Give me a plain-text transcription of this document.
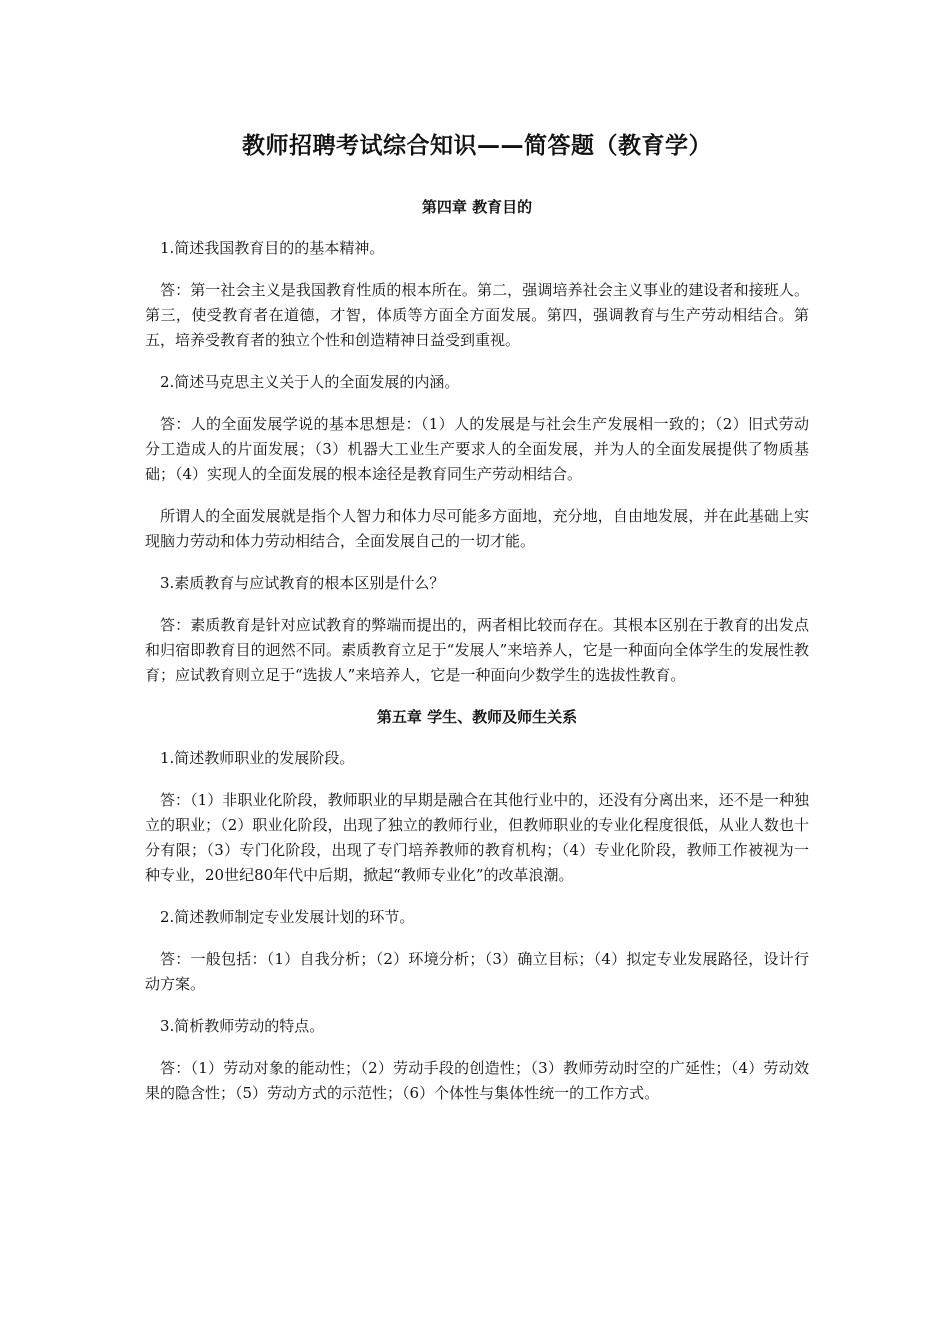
教师招聘考试综合知识——简答题（教育学）
第四章 教育目的

1.简述我国教育目的的基本精神。

答：第一社会主义是我国教育性质的根本所在。第二，强调培养社会主义事业的建设者和接班人。第三，使受教育者在道德，才智，体质等方面全方面发展。第四，强调教育与生产劳动相结合。第五，培养受教育者的独立个性和创造精神日益受到重视。

2.简述马克思主义关于人的全面发展的内涵。

答：人的全面发展学说的基本思想是：（1）人的发展是与社会生产发展相一致的；（2）旧式劳动分工造成人的片面发展；（3）机器大工业生产要求人的全面发展，并为人的全面发展提供了物质基础；（4）实现人的全面发展的根本途径是教育同生产劳动相结合。

所谓人的全面发展就是指个人智力和体力尽可能多方面地，充分地，自由地发展，并在此基础上实现脑力劳动和体力劳动相结合，全面发展自己的一切才能。

3.素质教育与应试教育的根本区别是什么？

答：素质教育是针对应试教育的弊端而提出的，两者相比较而存在。其根本区别在于教育的出发点和归宿即教育目的迥然不同。素质教育立足于“发展人”来培养人，它是一种面向全体学生的发展性教育；应试教育则立足于“选拔人”来培养人，它是一种面向少数学生的选拔性教育。

第五章 学生、教师及师生关系

1.简述教师职业的发展阶段。

答：（1）非职业化阶段，教师职业的早期是融合在其他行业中的，还没有分离出来，还不是一种独立的职业；（2）职业化阶段，出现了独立的教师行业，但教师职业的专业化程度很低，从业人数也十分有限；（3）专门化阶段，出现了专门培养教师的教育机构；（4）专业化阶段，教师工作被视为一种专业，20世纪80年代中后期，掀起“教师专业化”的改革浪潮。

2.简述教师制定专业发展计划的环节。

答：一般包括：（1）自我分析；（2）环境分析；（3）确立目标；（4）拟定专业发展路径，设计行动方案。

3.简析教师劳动的特点。

答：（1）劳动对象的能动性；（2）劳动手段的创造性；（3）教师劳动时空的广延性；（4）劳动效果的隐含性；（5）劳动方式的示范性；（6）个体性与集体性统一的工作方式。
